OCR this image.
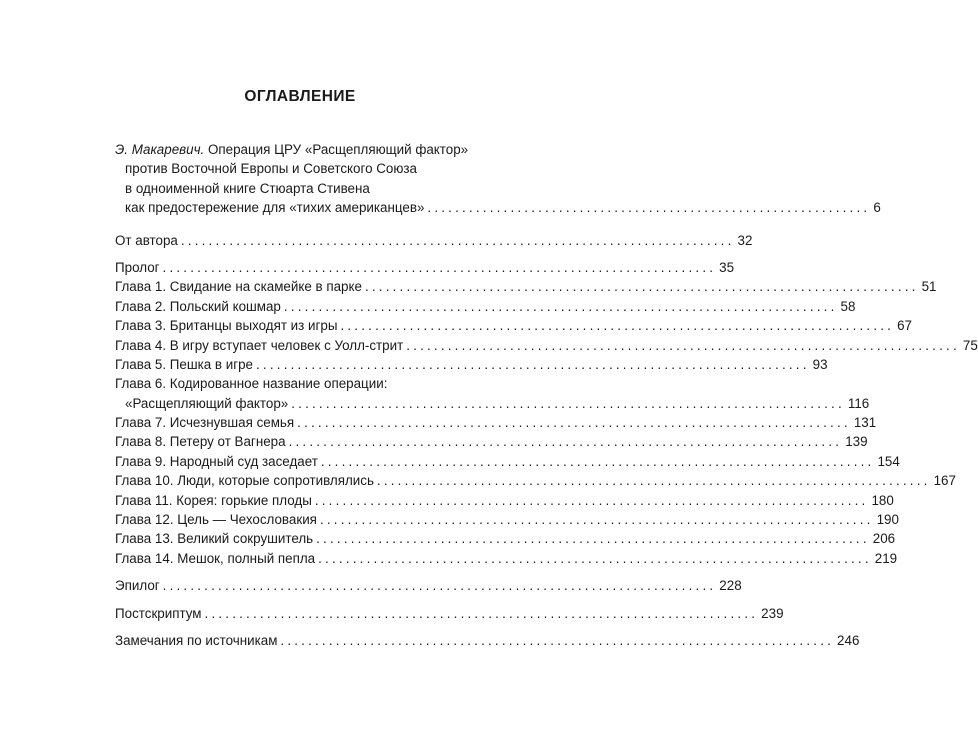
ОГЛАВЛЕНИЕ
Э. Макаревич. Операция ЦРУ «Расщепляющий фактор»
против Восточной Европы и Советского Союза
в одноименной книге Стюарта Стивена
как предостережение для «тихих американцев» ................................................................ 6
От автора ................................................................................ 32
Пролог ................................................................................ 35
Глава 1. Свидание на скамейке в парке ................................................................................ 51
Глава 2. Польский кошмар ................................................................................ 58
Глава 3. Британцы выходят из игры ................................................................................ 67
Глава 4. В игру вступает человек с Уолл-стрит ................................................................................ 75
Глава 5. Пешка в игре ................................................................................ 93
Глава 6. Кодированное название операции:
«Расщепляющий фактор» ................................................................................ 116
Глава 7. Исчезнувшая семья ................................................................................ 131
Глава 8. Петеру от Вагнера ................................................................................ 139
Глава 9. Народный суд заседает ................................................................................ 154
Глава 10. Люди, которые сопротивлялись ................................................................................ 167
Глава 11. Корея: горькие плоды ................................................................................ 180
Глава 12. Цель — Чехословакия ................................................................................ 190
Глава 13. Великий сокрушитель ................................................................................ 206
Глава 14. Мешок, полный пепла ................................................................................ 219
Эпилог ................................................................................ 228
Постскриптум ................................................................................ 239
Замечания по источникам ................................................................................ 246
